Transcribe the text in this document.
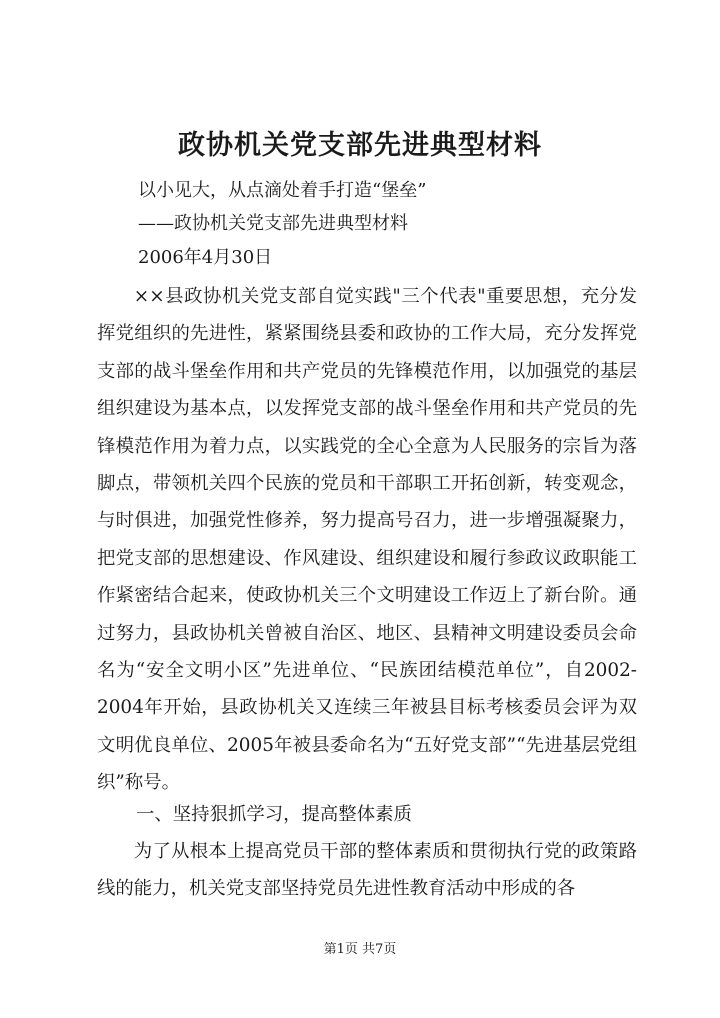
政协机关党支部先进典型材料
以小见大，从点滴处着手打造“堡垒”
——政协机关党支部先进典型材料
2006年4月30日

××县政协机关党支部自觉实践"三个代表"重要思想，充分发挥党组织的先进性，紧紧围绕县委和政协的工作大局，充分发挥党支部的战斗堡垒作用和共产党员的先锋模范作用，以加强党的基层组织建设为基本点，以发挥党支部的战斗堡垒作用和共产党员的先锋模范作用为着力点，以实践党的全心全意为人民服务的宗旨为落脚点，带领机关四个民族的党员和干部职工开拓创新，转变观念，与时俱进，加强党性修养，努力提高号召力，进一步增强凝聚力，把党支部的思想建设、作风建设、组织建设和履行参政议政职能工作紧密结合起来，使政协机关三个文明建设工作迈上了新台阶。通过努力，县政协机关曾被自治区、地区、县精神文明建设委员会命名为“安全文明小区”先进单位、“民族团结模范单位”，自2002-2004年开始，县政协机关又连续三年被县目标考核委员会评为双文明优良单位、2005年被县委命名为“五好党支部”“先进基层党组织”称号。

一、坚持狠抓学习，提高整体素质

为了从根本上提高党员干部的整体素质和贯彻执行党的政策路线的能力，机关党支部坚持党员先进性教育活动中形成的各

第1页 共7页
